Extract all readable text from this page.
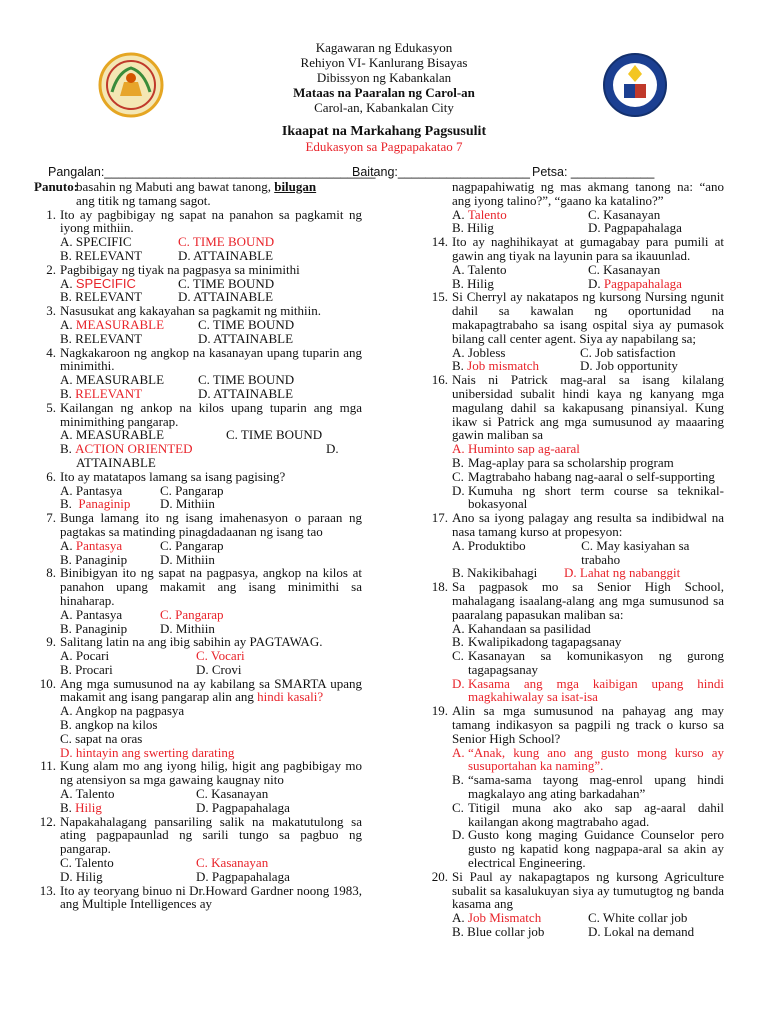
Kagawaran ng Edukasyon
Rehiyon VI- Kanlurang Bisayas
Dibissyon ng Kabankalan
Mataas na Paaralan ng Carol-an
Carol-an, Kabankalan City
Ikaapat na Markahang Pagsusulit
Edukasyon sa Pagpapakatao 7
Pangalan:_______________________________________
Baitang:___________________ Petsa: ____________
Panuto:
basahin ng Mabuti ang bawat tanong, bilugan
ang titik ng tamang sagot.
1. Ito ay pagbibigay ng sapat na panahon sa pagkamit ng iyong mithiin.
A. SPECIFIC	C. TIME BOUND
B. RELEVANT	D. ATTAINABLE
2. Pagbibigay ng tiyak na pagpasya sa minimithi
A. SPECIFIC	C. TIME BOUND
B. RELEVANT	D. ATTAINABLE
3. Nasusukat ang kakayahan sa pagkamit ng mithiin.
A. MEASURABLE	C. TIME BOUND
B. RELEVANT	D. ATTAINABLE
4. Nagkakaroon ng angkop na kasanayan upang tuparin ang minimithi.
A. MEASURABLE	C. TIME BOUND
B. RELEVANT	D. ATTAINABLE
5. Kailangan ng ankop na kilos upang tuparin ang mga minimithing pangarap.
A. MEASURABLE	C. TIME BOUND
B. ACTION ORIENTED	D.
ATTAINABLE
6. Ito ay matatapos lamang sa isang pagising?
A. Pantasya	C. Pangarap
B.  Panaginip	D. Mithiin
7. Bunga lamang ito ng isang imahenasyon o paraan ng pagtakas sa matinding pinagdadaanan ng isang tao
A. Pantasya	C. Pangarap
B. Panaginip	D. Mithiin
8. Binibigyan ito ng sapat na pagpasya, angkop na kilos at panahon upang makamit ang isang minimithi sa hinaharap.
A. Pantasya	C. Pangarap
B. Panaginip	D. Mithiin
9. Salitang latin na ang ibig sabihin ay PAGTAWAG.
A. Pocari	C. Vocari
B. Procari	D. Crovi
10. Ang mga sumusunod na ay kabilang sa SMARTA upang makamit ang isang pangarap alin ang hindi kasali?
A. Angkop na pagpasya
B. angkop na kilos
C. sapat na oras
D. hintayin ang swerting darating
11. Kung alam mo ang iyong hilig, higit ang pagbibigay mo ng atensiyon sa mga gawaing kaugnay nito
A. Talento	C. Kasanayan
B. Hilig	D. Pagpapahalaga
12. Napakahalagang pansariling salik na makatutulong sa ating pagpapaunlad ng sarili tungo sa pagbuo ng pangarap.
C. Talento	C. Kasanayan
D. Hilig	D. Pagpapahalaga
13. Ito ay teoryang binuo ni Dr.Howard Gardner noong 1983, ang Multiple Intelligences ay
nagpapahiwatig ng mas akmang tanong na: “ano ang iyong talino?”, “gaano ka katalino?”
A. Talento	C. Kasanayan
B. Hilig	D. Pagpapahalaga
14. Ito ay naghihikayat at gumagabay para pumili at gawin ang tiyak na layunin para sa ikauunlad.
A. Talento	C. Kasanayan
B. Hilig	D. Pagpapahalaga
15. Si Cherryl ay nakatapos ng kursong Nursing ngunit dahil sa kawalan ng oportunidad na makapagtrabaho sa isang ospital siya ay pumasok bilang call center agent. Siya ay napabilang sa;
A. Jobless	C. Job satisfaction
B. Job mismatch	D. Job opportunity
16. Nais ni Patrick mag-aral sa isang kilalang unibersidad subalit hindi kaya ng kanyang mga magulang dahil sa kakapusang pinansiyal. Kung ikaw si Patrick ang mga sumusunod ay maaaring gawin maliban sa
A. Huminto sap ag-aaral
B. Mag-aplay para sa scholarship program
C. Magtrabaho habang nag-aaral o self-supporting
D. Kumuha ng short term course sa teknikal-bokasyonal
17. Ano sa iyong palagay ang resulta sa indibidwal na nasa tamang kurso at propesyon:
A. Produktibo	C. May kasiyahan sa trabaho
B. Nakikibahagi	D. Lahat ng nabanggit
18. Sa pagpasok mo sa Senior High School, mahalagang isaalang-alang ang mga sumusunod sa paaralang papasukan maliban sa:
A. Kahandaan sa pasilidad
B. Kwalipikadong tagapagsanay
C. Kasanayan sa komunikasyon ng gurong tagapagsanay
D. Kasama ang mga kaibigan upang hindi magkahiwalay sa isat-isa
19. Alin sa mga sumusunod na pahayag ang may tamang indikasyon sa pagpili ng track o kurso sa Senior High School?
A. “Anak, kung ano ang gusto mong kurso ay susuportahan ka naming”.
B. “sama-sama tayong mag-enrol upang hindi magkalayo ang ating barkadahan”
C. Titigil muna ako ako sap ag-aaral dahil kailangan akong magtrabaho agad.
D. Gusto kong maging Guidance Counselor pero gusto ng kapatid kong nagpapa-aral sa akin ay electrical Engineering.
20. Si Paul ay nakapagtapos ng kursong Agriculture subalit sa kasalukuyan siya ay tumutugtog ng banda kasama ang
A. Job Mismatch	C. White collar job
B. Blue collar job	D. Lokal na demand
